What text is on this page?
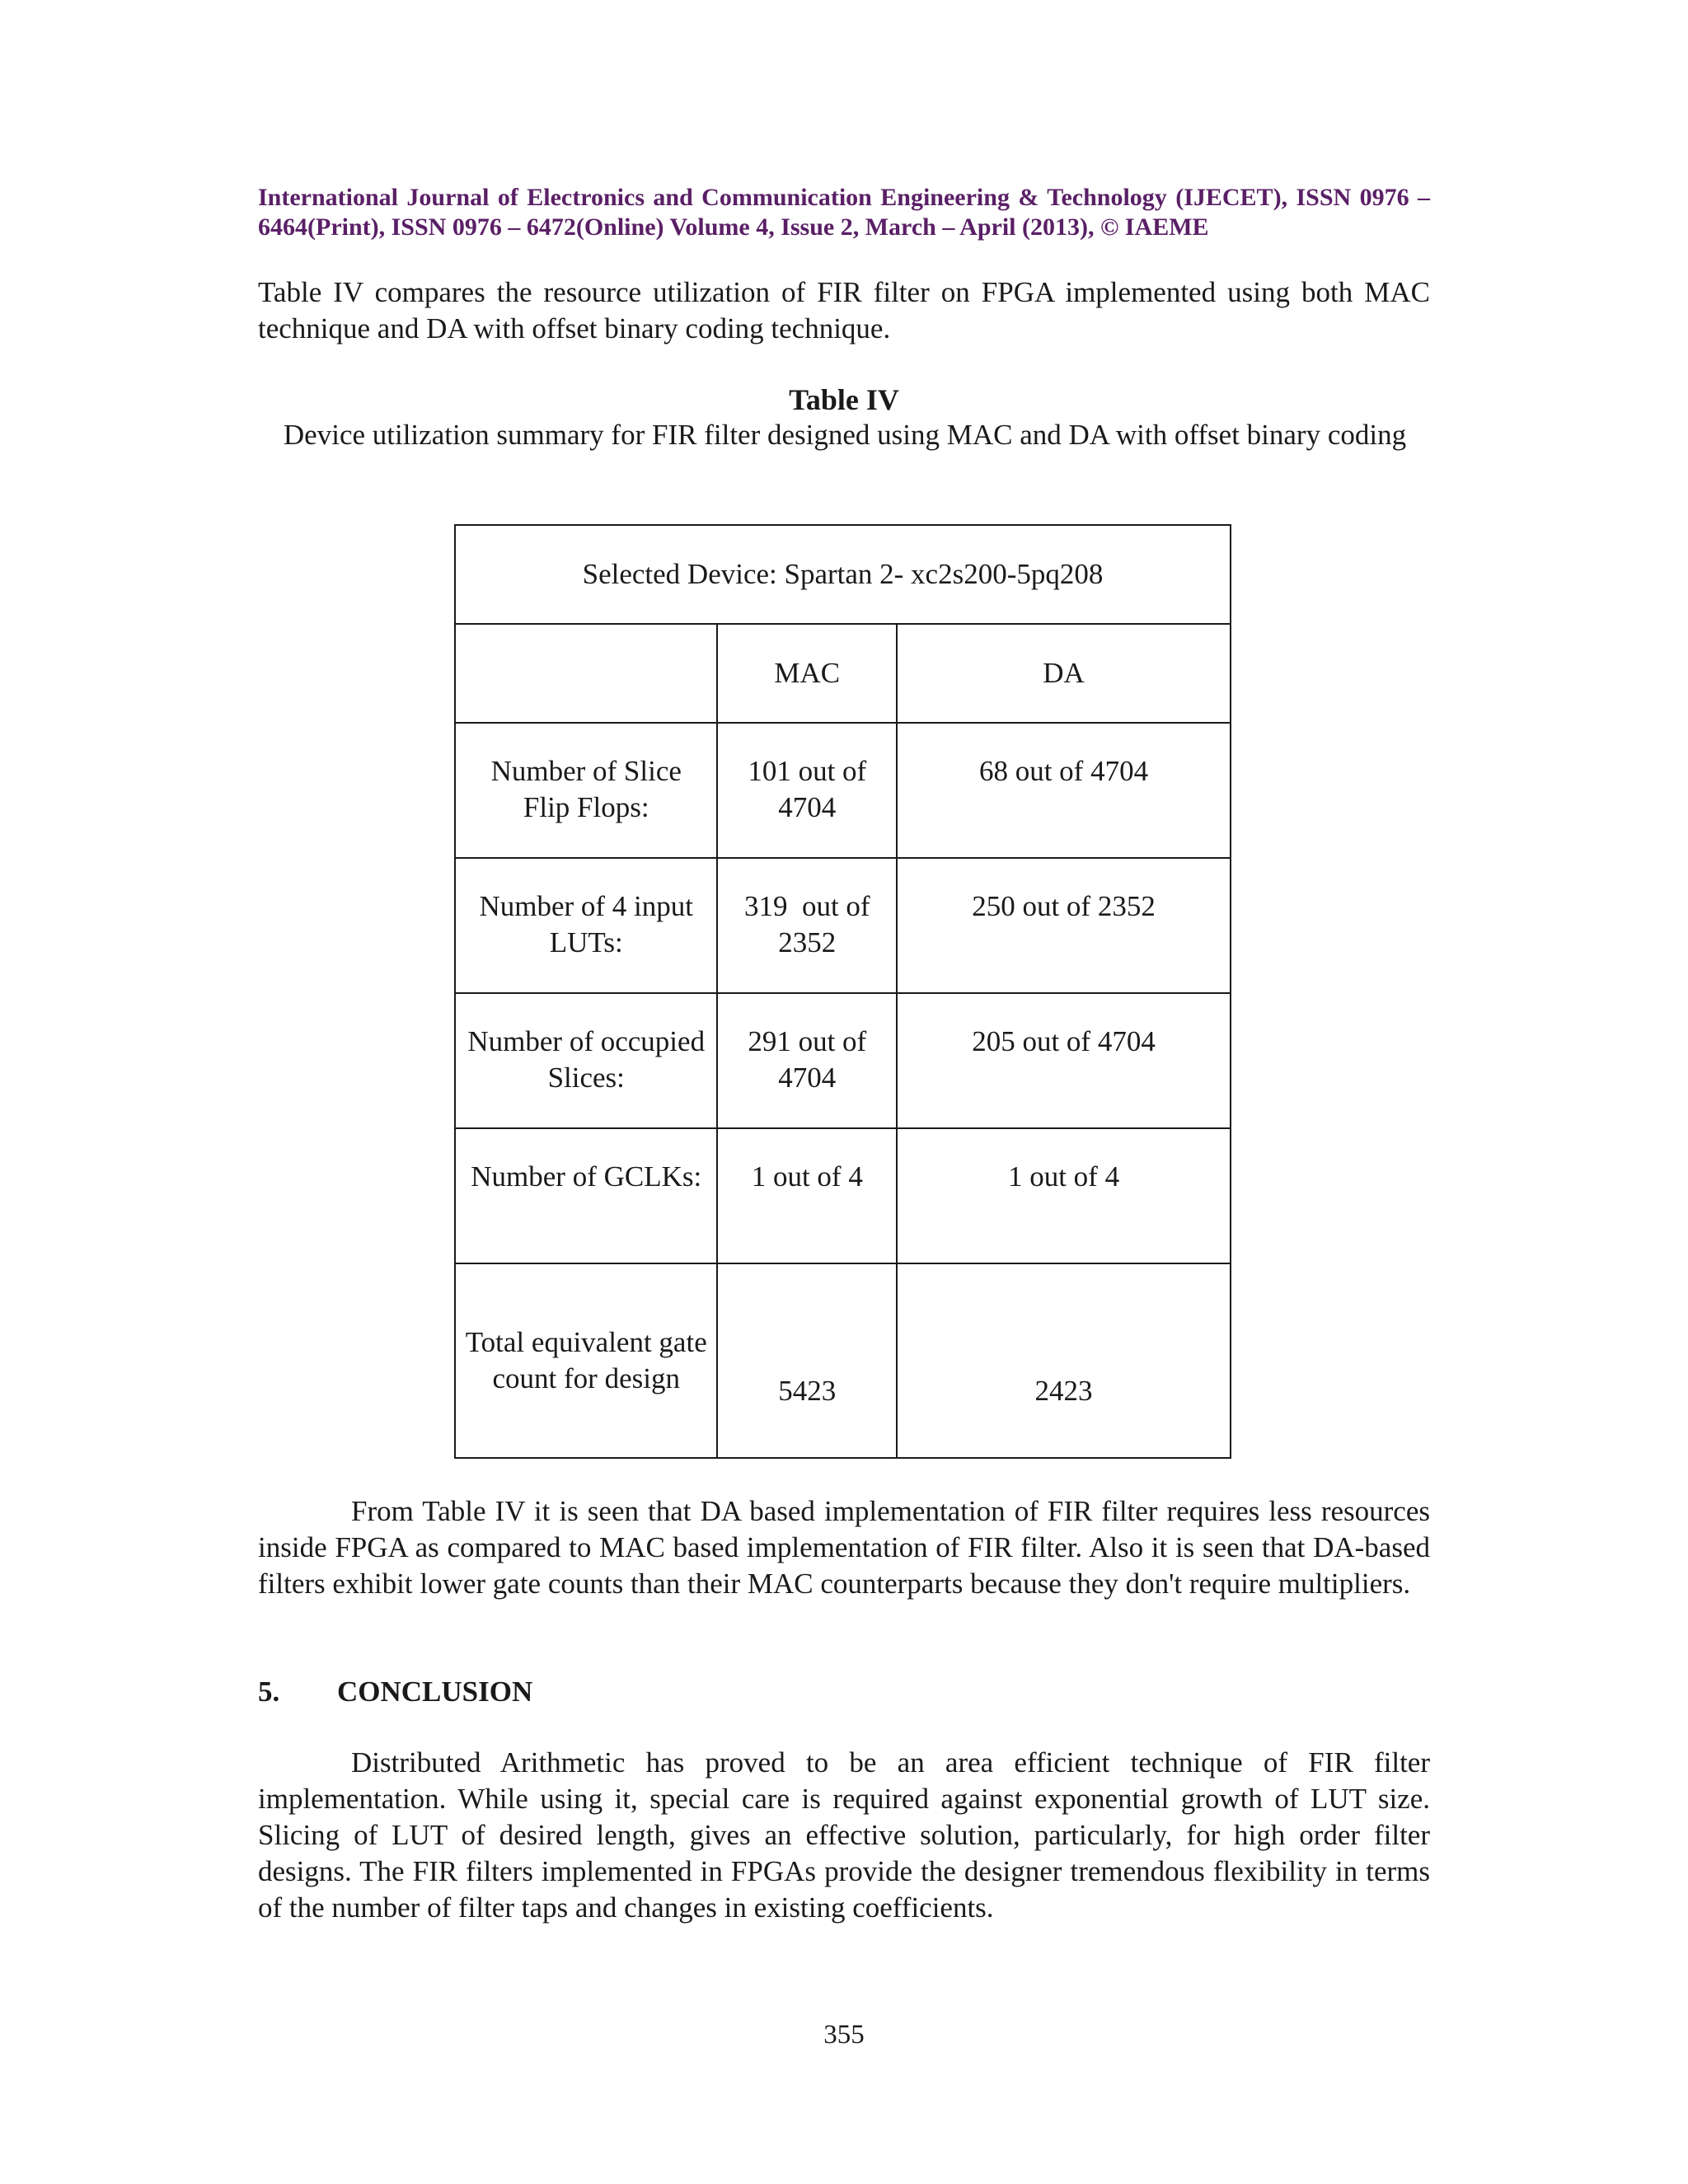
International Journal of Electronics and Communication Engineering & Technology (IJECET), ISSN 0976 – 6464(Print), ISSN 0976 – 6472(Online) Volume 4, Issue 2, March – April (2013), © IAEME

Table IV compares the resource utilization of FIR filter on FPGA implemented using both MAC technique and DA with offset binary coding technique.

Table IV
Device utilization summary for FIR filter designed using MAC and DA with offset binary coding
Selected Device: Spartan 2- xc2s200-5pq208		
	MAC	DA
Number of Slice Flip Flops:	101 out of 4704	68 out of 4704
Number of 4 input LUTs:	319  out of 2352	250 out of 2352
Number of occupied Slices:	291 out of 4704	205 out of 4704
Number of GCLKs:	1 out of 4	1 out of 4
Total equivalent gate count for design	5423	2423

From Table IV it is seen that DA based implementation of FIR filter requires less resources inside FPGA as compared to MAC based implementation of FIR filter. Also it is seen that DA-based filters exhibit lower gate counts than their MAC counterparts because they don't require multipliers.

5. CONCLUSION

Distributed Arithmetic has proved to be an area efficient technique of FIR filter implementation. While using it, special care is required against exponential growth of LUT size. Slicing of LUT of desired length, gives an effective solution, particularly, for high order filter designs. The FIR filters implemented in FPGAs provide the designer tremendous flexibility in terms of the number of filter taps and changes in existing coefficients.

355
